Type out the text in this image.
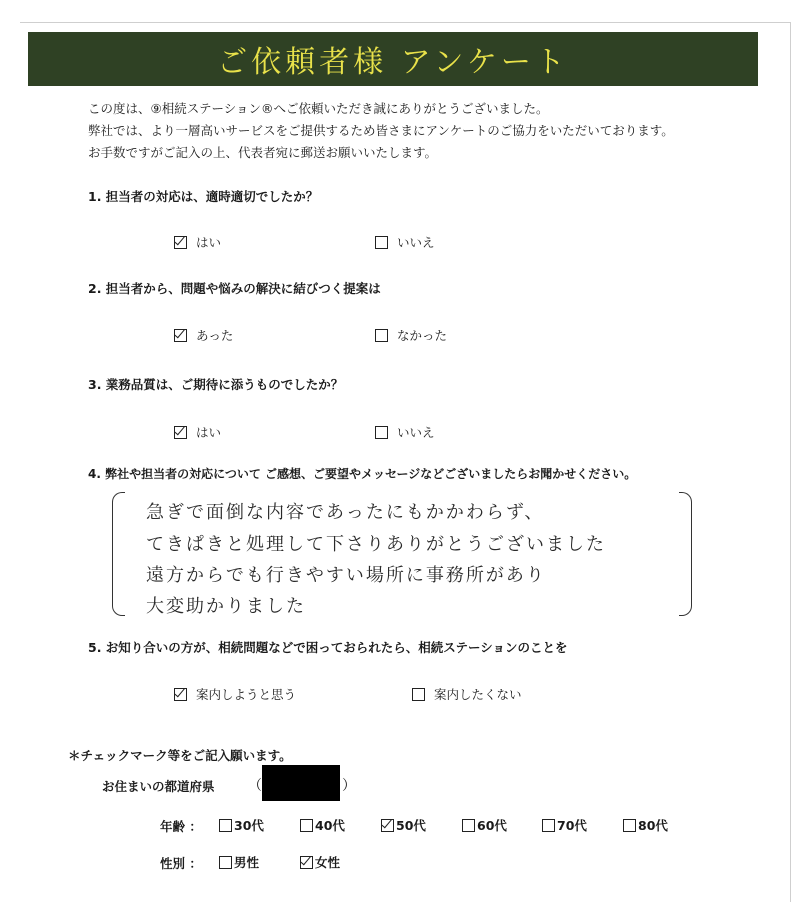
ご依頼者様 アンケート
この度は、⑨相続ステーション®へご依頼いただき誠にありがとうございました。
弊社では、より一層高いサービスをご提供するため皆さまにアンケートのご協力をいただいております。
お手数ですがご記入の上、代表者宛に郵送お願いいたします。
1. 担当者の対応は、適時適切でしたか？
はい	いいえ
2. 担当者から、問題や悩みの解決に結びつく提案は
あった	なかった
3. 業務品質は、ご期待に添うものでしたか？
はい	いいえ
4. 弊社や担当者の対応について ご感想、ご要望やメッセージなどございましたらお聞かせください。
急ぎで面倒な内容であったにもかかわらず、
てきぱきと処理して下さりありがとうございました
遠方からでも行きやすい場所に事務所があり
大変助かりました
5. お知り合いの方が、相続問題などで困っておられたら、相続ステーションのことを
案内しようと思う	案内したくない
＊チェックマーク等をご記入願います。
お住まいの都道府県 （	）
年齢 ：	30代	40代	50代	60代	70代	80代
性別 ：	男性	女性
